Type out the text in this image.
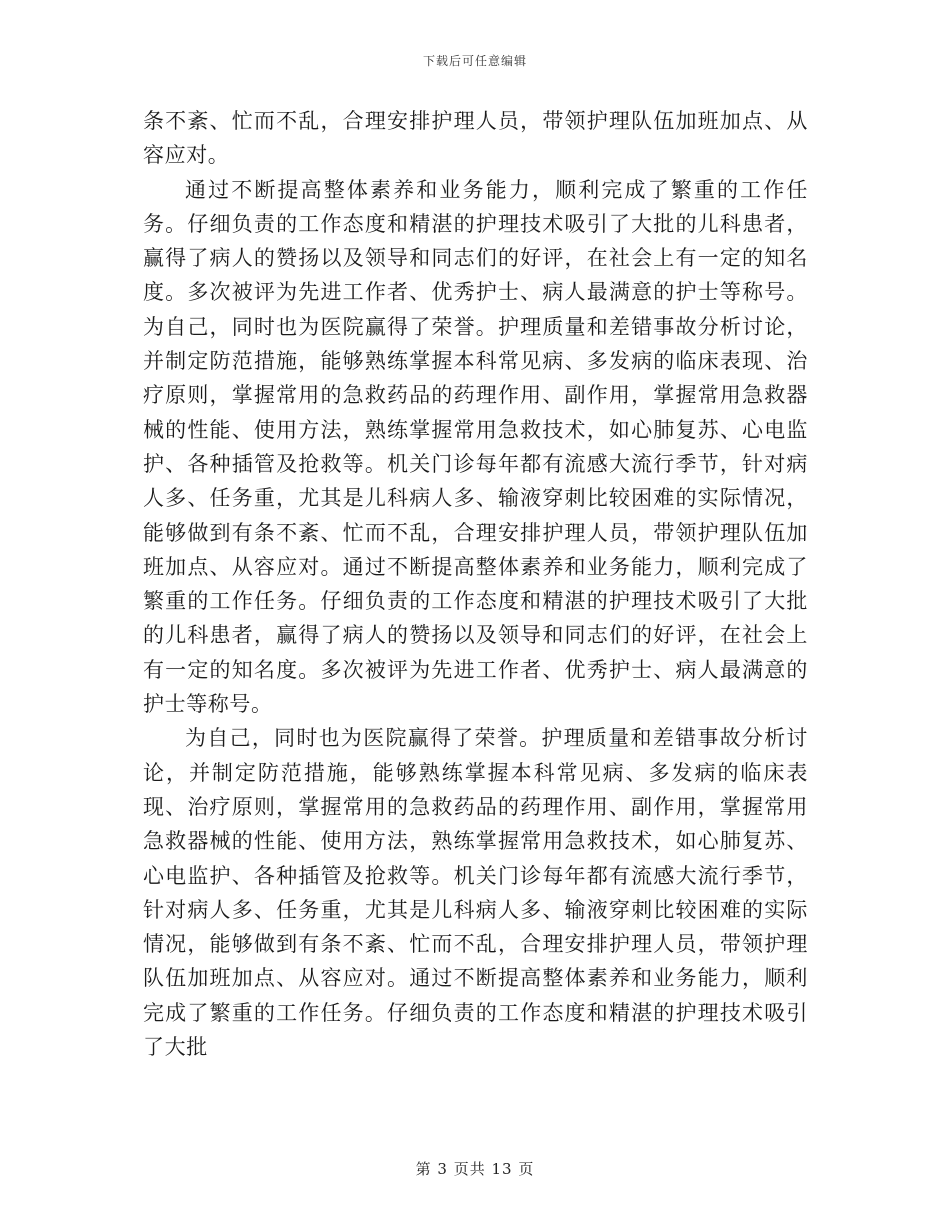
下载后可任意编辑

条不紊、忙而不乱，合理安排护理人员，带领护理队伍加班加点、从容应对。

通过不断提高整体素养和业务能力，顺利完成了繁重的工作任务。仔细负责的工作态度和精湛的护理技术吸引了大批的儿科患者，赢得了病人的赞扬以及领导和同志们的好评，在社会上有一定的知名度。多次被评为先进工作者、优秀护士、病人最满意的护士等称号。为自己，同时也为医院赢得了荣誉。护理质量和差错事故分析讨论，并制定防范措施，能够熟练掌握本科常见病、多发病的临床表现、治疗原则，掌握常用的急救药品的药理作用、副作用，掌握常用急救器械的性能、使用方法，熟练掌握常用急救技术，如心肺复苏、心电监护、各种插管及抢救等。机关门诊每年都有流感大流行季节，针对病人多、任务重，尤其是儿科病人多、输液穿刺比较困难的实际情况，能够做到有条不紊、忙而不乱，合理安排护理人员，带领护理队伍加班加点、从容应对。通过不断提高整体素养和业务能力，顺利完成了繁重的工作任务。仔细负责的工作态度和精湛的护理技术吸引了大批的儿科患者，赢得了病人的赞扬以及领导和同志们的好评，在社会上有一定的知名度。多次被评为先进工作者、优秀护士、病人最满意的护士等称号。

为自己，同时也为医院赢得了荣誉。护理质量和差错事故分析讨论，并制定防范措施，能够熟练掌握本科常见病、多发病的临床表现、治疗原则，掌握常用的急救药品的药理作用、副作用，掌握常用急救器械的性能、使用方法，熟练掌握常用急救技术，如心肺复苏、心电监护、各种插管及抢救等。机关门诊每年都有流感大流行季节，针对病人多、任务重，尤其是儿科病人多、输液穿刺比较困难的实际情况，能够做到有条不紊、忙而不乱，合理安排护理人员，带领护理队伍加班加点、从容应对。通过不断提高整体素养和业务能力，顺利完成了繁重的工作任务。仔细负责的工作态度和精湛的护理技术吸引了大批

第 3 页共 13 页
